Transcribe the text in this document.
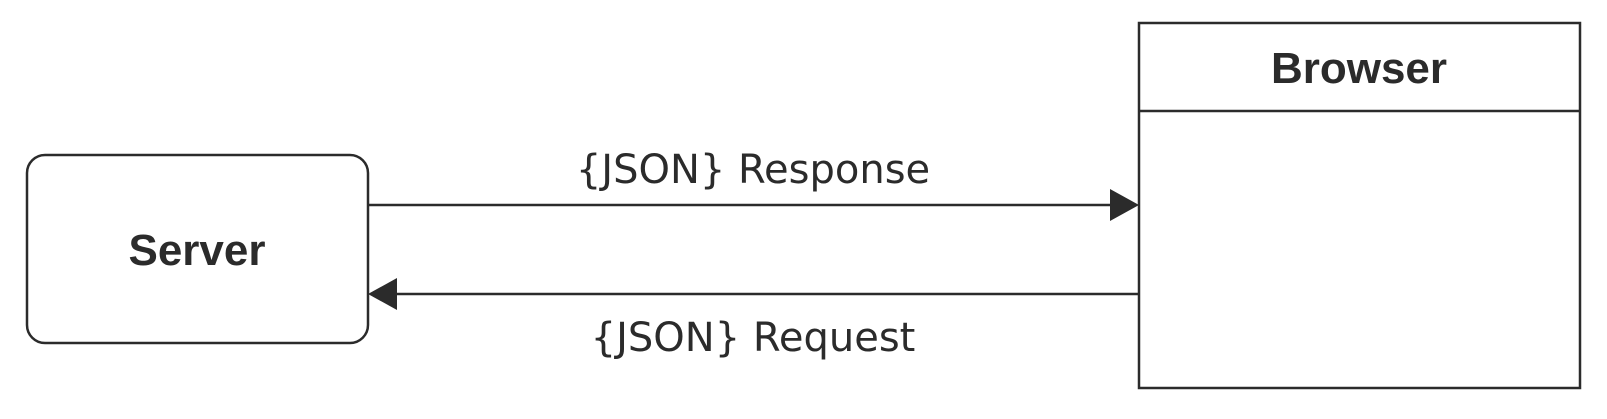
Server
Browser
{JSON} Response
{JSON} Request
